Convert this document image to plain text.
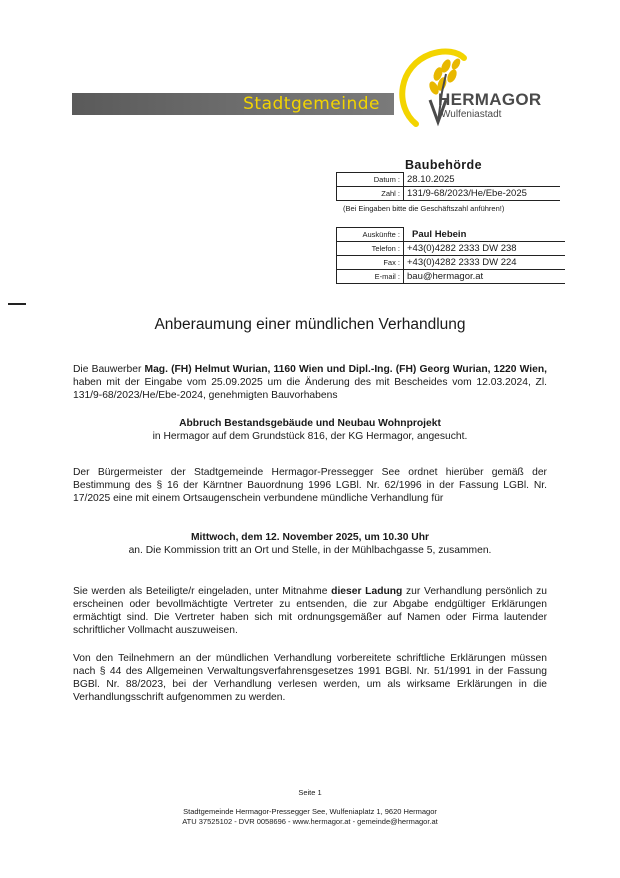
Stadtgemeinde	HERMAGOR
Wulfeniastadt
Baubehörde
Datum :	28.10.2025
Zahl :	131/9-68/2023/He/Ebe-2025
(Bei Eingaben bitte die Geschäftszahl anführen!)
Auskünfte :	Paul Hebein
Telefon :	+43(0)4282 2333 DW 238
Fax :	+43(0)4282 2333 DW 224
E-mail :	bau@hermagor.at
Anberaumung einer mündlichen Verhandlung
Die Bauwerber Mag. (FH) Helmut Wurian, 1160 Wien und Dipl.-Ing. (FH) Georg Wurian, 1220 Wien, haben mit der Eingabe vom 25.09.2025 um die Änderung des mit Bescheides vom 12.03.2024, Zl. 131/9-68/2023/He/Ebe-2024, genehmigten Bauvorhabens
Abbruch Bestandsgebäude und Neubau Wohnprojekt
in Hermagor auf dem Grundstück 816, der KG Hermagor, angesucht.
Der Bürgermeister der Stadtgemeinde Hermagor-Pressegger See ordnet hierüber gemäß der Bestimmung des § 16 der Kärntner Bauordnung 1996 LGBl. Nr. 62/1996 in der Fassung LGBl. Nr. 17/2025 eine mit einem Ortsaugenschein verbundene mündliche Verhandlung für
Mittwoch, dem 12. November 2025, um 10.30 Uhr
an. Die Kommission tritt an Ort und Stelle, in der Mühlbachgasse 5, zusammen.
Sie werden als Beteiligte/r eingeladen, unter Mitnahme dieser Ladung zur Verhandlung persönlich zu erscheinen oder bevollmächtigte Vertreter zu entsenden, die zur Abgabe endgültiger Erklärungen ermächtigt sind. Die Vertreter haben sich mit ordnungsgemäßer auf Namen oder Firma lautender schriftlicher Vollmacht auszuweisen.
Von den Teilnehmern an der mündlichen Verhandlung vorbereitete schriftliche Erklärungen müssen nach § 44 des Allgemeinen Verwaltungsverfahrensgesetzes 1991 BGBl. Nr. 51/1991 in der Fassung BGBl. Nr. 88/2023, bei der Verhandlung verlesen werden, um als wirksame Erklärungen in die Verhandlungsschrift aufgenommen zu werden.
Seite 1
Stadtgemeinde Hermagor-Pressegger See, Wulfeniaplatz 1, 9620 Hermagor
ATU 37525102 - DVR 0058696 - www.hermagor.at - gemeinde@hermagor.at
